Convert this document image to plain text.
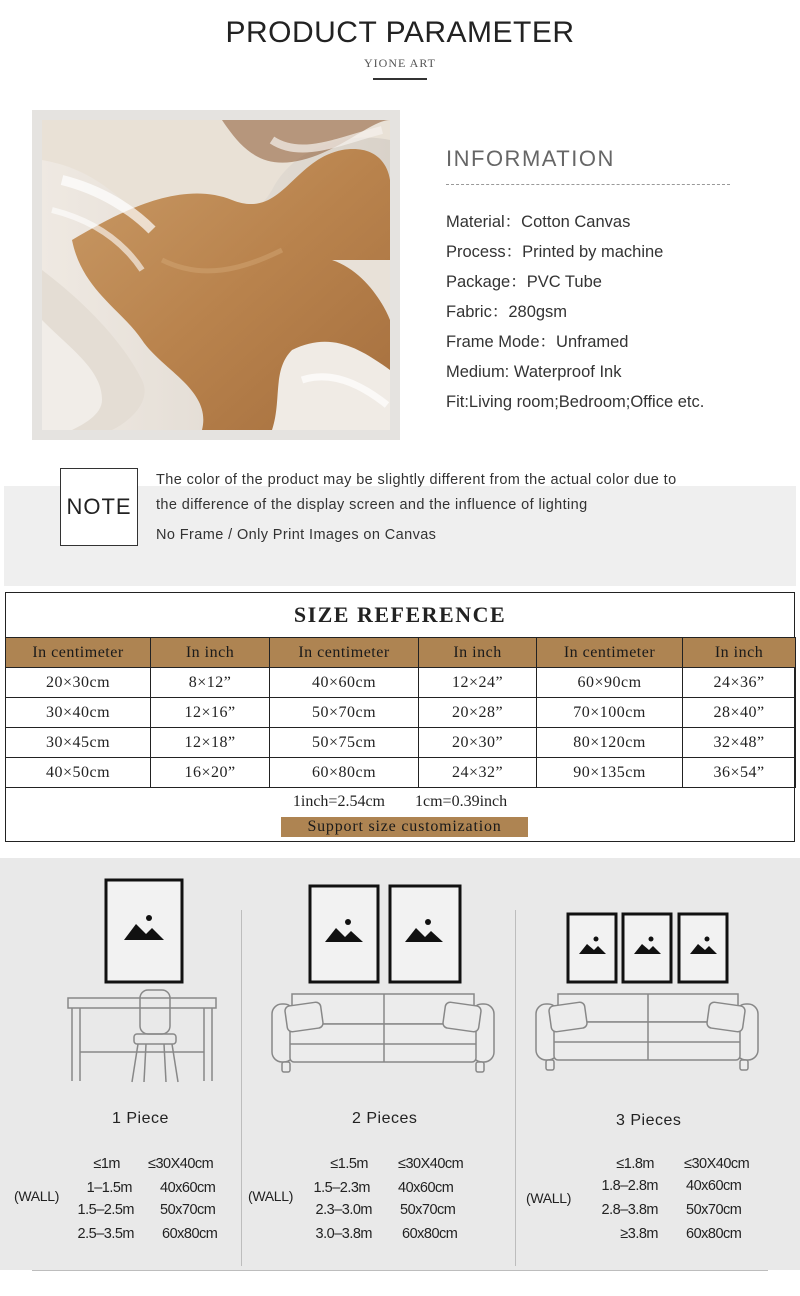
PRODUCT PARAMETER
YIONE ART
INFORMATION
Material：Cotton Canvas
Process：Printed by machine
Package：PVC Tube
Fabric：280gsm
Frame Mode：Unframed
Medium: Waterproof Ink
Fit:Living room;Bedroom;Office etc.
NOTE
The color of the product may be slightly different from the actual color due to
the difference of the display screen and the influence of lighting
No Frame / Only Print Images on Canvas
SIZE REFERENCE
In centimeter	In inch	In centimeter	In inch	In centimeter	In inch
20×30cm	8×12”	40×60cm	12×24”	60×90cm	24×36”
30×40cm	12×16”	50×70cm	20×28”	70×100cm	28×40”
30×45cm	12×18”	50×75cm	20×30”	80×120cm	32×48”
40×50cm	16×20”	60×80cm	24×32”	90×135cm	36×54”
1inch=2.54cm 1cm=0.39inch
Support size customization
1 Piece	2 Pieces	3 Pieces
(WALL)	(WALL)	(WALL)
≤1m ≤30X40cm
1–1.5m 40x60cm
1.5–2.5m 50x70cm
2.5–3.5m 60x80cm
≤1.5m ≤30X40cm
1.5–2.3m 40x60cm
2.3–3.0m 50x70cm
3.0–3.8m 60x80cm
≤1.8m ≤30X40cm
1.8–2.8m 40x60cm
2.8–3.8m 50x70cm
≥3.8m 60x80cm
